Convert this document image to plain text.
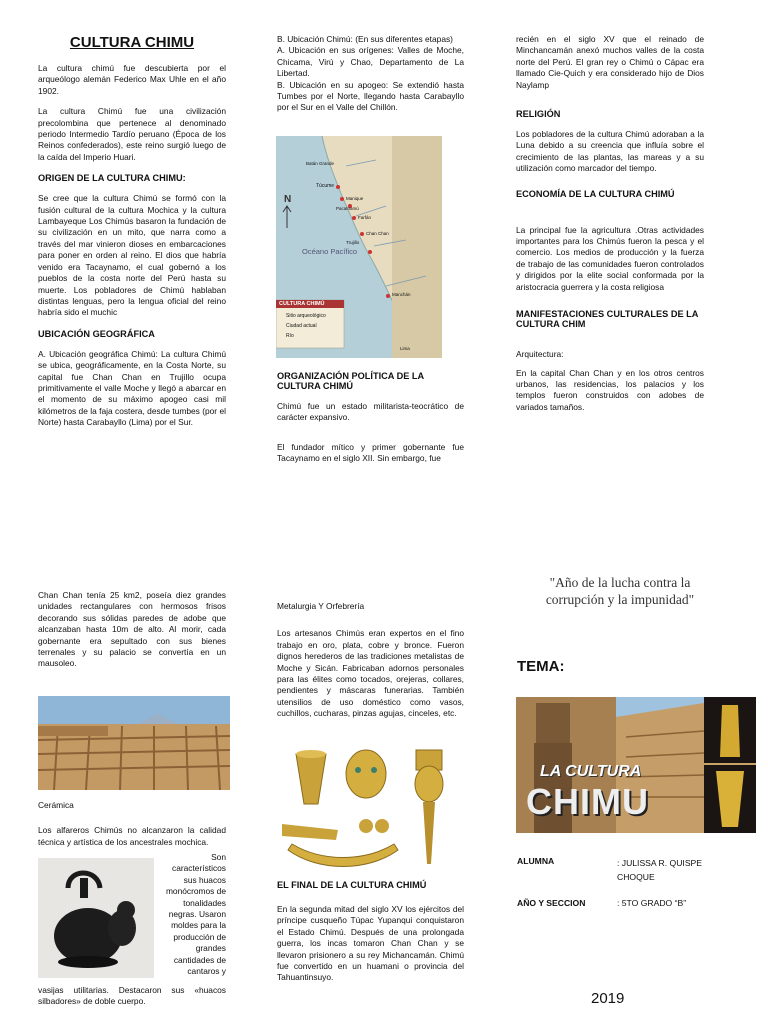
CULTURA CHIMU

La cultura chimú fue descubierta por el arqueólogo alemán Federico Max Uhle en el año 1902.

La cultura Chimú fue una civilización precolombina que pertenece al denominado periodo Intermedio Tardío peruano (Época de los Reinos confederados), este reino surgió luego de la caída del Imperio Huari.

ORIGEN DE LA CULTURA CHIMU:

Se cree que la cultura Chimú se formó con la fusión cultural de la cultura Mochica y la cultura Lambayeque Los Chimús basaron la fundación de su civilización en un mito, que narra como a través del mar vinieron dioses en embarcaciones para poner en orden al reino. El dios que habría venido era Tacaynamo, el cual gobernó a los pueblos de la costa norte del Perú hasta su muerte. Los pobladores de Chimú hablaban distintas lenguas, pero la lengua oficial del reino habría sido el muchic

UBICACIÓN GEOGRÁFICA

A. Ubicación geográfica Chimú: La cultura Chimú se ubica, geográficamente, en la Costa Norte, su capital fue Chan Chan en Trujillo ocupa primitivamente el valle Moche y llegó a abarcar en el momento de su máximo apogeo casi mil kilómetros de la faja costera, desde tumbes (por el Norte) hasta Carabayllo (Lima) por el Sur.

B. Ubicación Chimú: (En sus diferentes etapas)

A. Ubicación en sus orígenes: Valles de Moche, Chicama, Virú y Chao, Departamento de La Libertad.

B. Ubicación en su apogeo: Se extendió hasta Tumbes por el Norte, llegando hasta Carabayllo por el Sur en el Valle del Chillón.

N
Océano Pacífico
CULTURA CHIMÚ
Sitio arqueológico
Ciudad actual
Río
Batán Grande
Túcume
Manique
Pacatnamú
Farfán
Chan Chan
Trujillo
Manchán
Lima

ORGANIZACIÓN POLÍTICA DE LA CULTURA CHIMÚ

Chimú fue un estado militarista-teocrático de carácter expansivo.

El fundador mítico y primer gobernante fue Tacaynamo en el siglo XII. Sin embargo, fue

recién en el siglo XV que el reinado de Minchancamán anexó muchos valles de la costa norte del Perú. El gran rey o Chimú o Cápac era llamado Cie-Quich y era considerado hijo de Dios Naylamp

RELIGIÓN

Los pobladores de la cultura Chimú adoraban a la Luna debido a su creencia que influía sobre el crecimiento de las plantas, las mareas y a su utilización como marcador del tiempo.

ECONOMÍA DE LA CULTURA CHIMÚ

La principal fue la agricultura .Otras actividades importantes para los Chimús fueron la pesca y el comercio. Los medios de producción y la fuerza de trabajo de las comunidades fueron controlados y dirigidos por la elite social conformada por la aristocracia guerrera y la costa religiosa

MANIFESTACIONES CULTURALES DE LA CULTURA CHIM

Arquitectura:

En la capital Chan Chan y en los otros centros urbanos, las residencias, los palacios y los templos fueron construidos con adobes de variados tamaños.

Chan Chan tenía 25 km2, poseía diez grandes unidades rectangulares con hermosos frisos decorando sus sólidas paredes de adobe que alcanzaban hasta 10m de alto. Al morir, cada gobernante era sepultado con sus bienes terrenales y su palacio se convertía en un mausoleo.

Cerámica

Los alfareros Chimús no alcanzaron la calidad técnica y artística de los ancestrales mochica.

Son característicos sus huacos monócromos de tonalidades negras. Usaron moldes para la producción de grandes cantidades de cantaros y

vasijas utilitarias. Destacaron sus «huacos silbadores» de doble cuerpo.

Metalurgia Y Orfebrería

Los artesanos Chimús eran expertos en el fino trabajo en oro, plata, cobre y bronce. Fueron dignos herederos de las tradiciones metalistas de Moche y Sicán. Fabricaban adornos personales para las élites como tocados, orejeras, collares, pendientes y máscaras funerarias. También utensilios de uso doméstico como vasos, cuchillos, cucharas, pinzas agujas, cinceles, etc.

EL FINAL DE LA CULTURA CHIMÚ

En la segunda mitad del siglo XV los ejércitos del príncipe cusqueño Túpac Yupanqui conquistaron el Estado Chimú. Después de una prolongada guerra, los incas tomaron Chan Chan y se llevaron prisionero a su rey Michancamán. Chimú fue convertido en un huamani o provincia del Tahuantinsuyo.

"Año de la lucha contra la corrupción y la impunidad"

TEMA:

LA CULTURA
CHIMU
ALUMNA	: JULISSA R. QUISPE CHOQUE
AÑO Y SECCION	: 5TO GRADO “B”
2019
